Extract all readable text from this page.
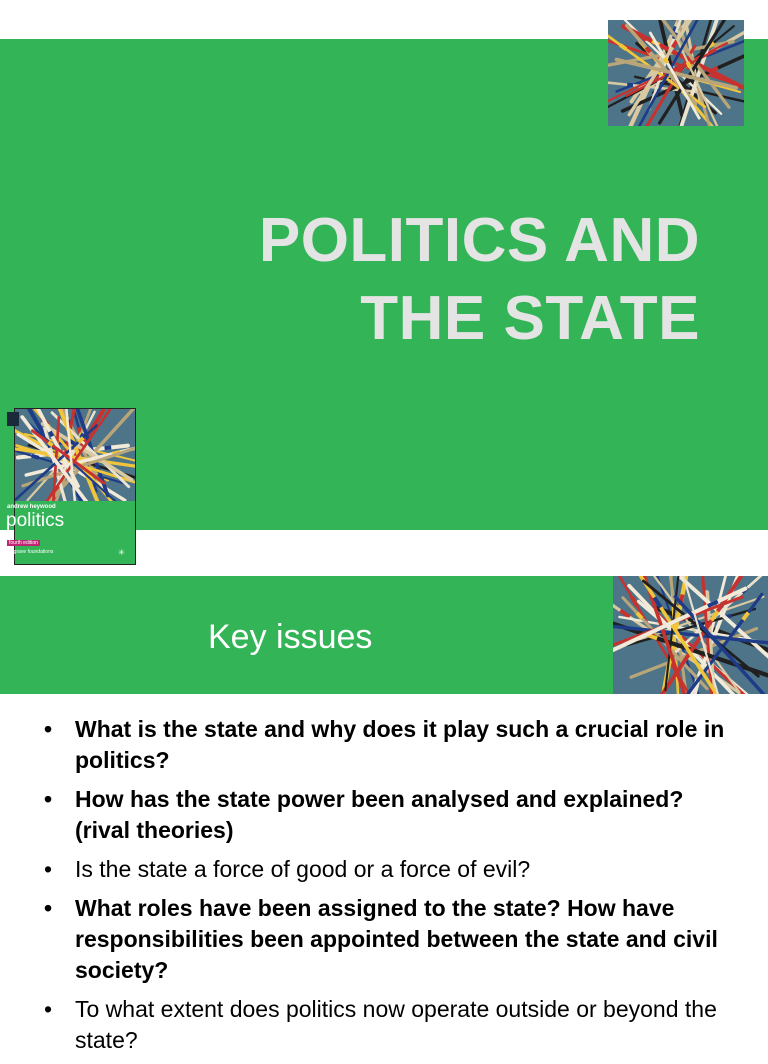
POLITICS AND
THE STATE
andrew heywood
politics
fourth edition
palgrave foundations	✳
Key issues
• What is the state and why does it play such a crucial role in politics?
• How has the state power been analysed and explained? (rival theories)
• Is the state a force of good or a force of evil?
• What roles have been assigned to the state? How have responsibilities been appointed between the state and civil society?
• To what extent does politics now operate outside or beyond the state?
